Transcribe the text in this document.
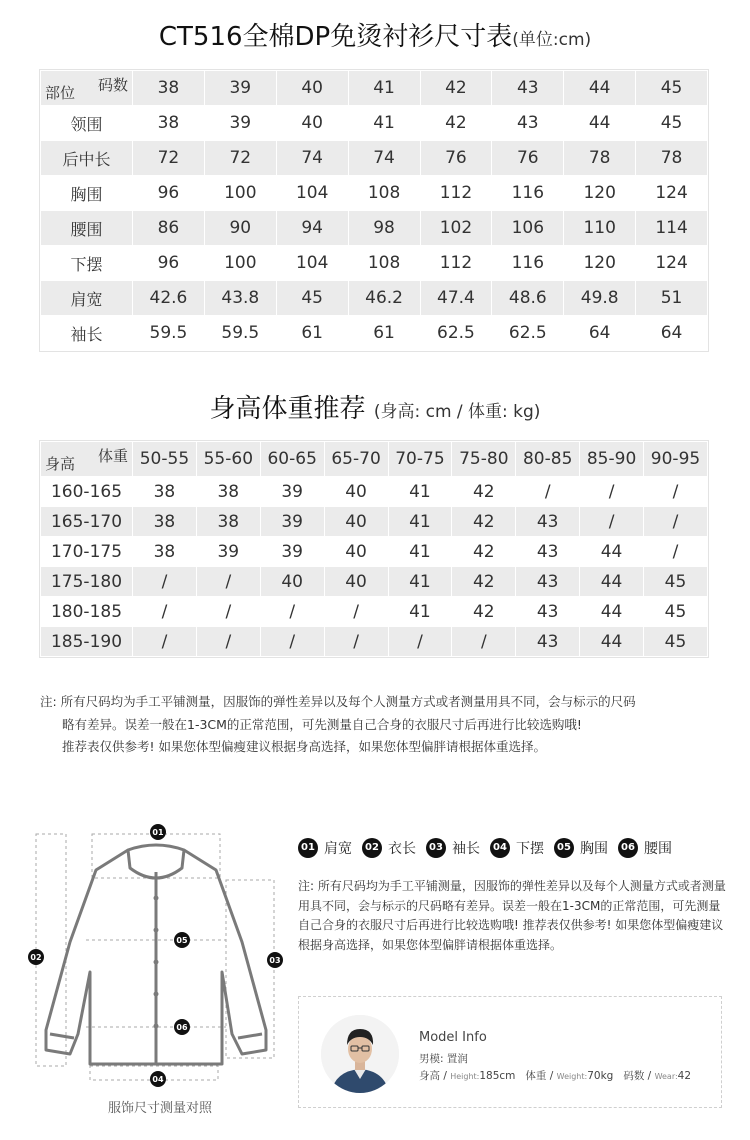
CT516全棉DP免烫衬衫尺寸表(单位:cm)
码数
部位	38	39	40	41	42	43	44	45
领围	38	39	40	41	42	43	44	45
后中长	72	72	74	74	76	76	78	78
胸围	96	100	104	108	112	116	120	124
腰围	86	90	94	98	102	106	110	114
下摆	96	100	104	108	112	116	120	124
肩宽	42.6	43.8	45	46.2	47.4	48.6	49.8	51
袖长	59.5	59.5	61	61	62.5	62.5	64	64
身高体重推荐 (身高: cm / 体重: kg)
体重
身高	50-55	55-60	60-65	65-70	70-75	75-80	80-85	85-90	90-95
160-165	38	38	39	40	41	42	/	/	/
165-170	38	38	39	40	41	42	43	/	/
170-175	38	39	39	40	41	42	43	44	/
175-180	/	/	40	40	41	42	43	44	45
180-185	/	/	/	/	41	42	43	44	45
185-190	/	/	/	/	/	/	43	44	45

注: 所有尺码均为手工平铺测量，因服饰的弹性差异以及每个人测量方式或者测量用具不同，会与标示的尺码

略有差异。误差一般在1-3CM的正常范围，可先测量自己合身的衣服尺寸后再进行比较选购哦!

推荐表仅供参考! 如果您体型偏瘦建议根据身高选择，如果您体型偏胖请根据体重选择。

01
02	03
04
05
06
服饰尺寸测量对照
01 肩宽	02 衣长	03 袖长	04 下摆	05 胸围	06 腰围
注: 所有尺码均为手工平铺测量，因服饰的弹性差异以及每个人测量方式或者测量用具不同，会与标示的尺码略有差异。误差一般在1-3CM的正常范围，可先测量自己合身的衣服尺寸后再进行比较选购哦! 推荐表仅供参考! 如果您体型偏瘦建议根据身高选择，如果您体型偏胖请根据体重选择。
Model Info
男模: 置润
身高 / Height:185cm 体重 / Weight:70kg 码数 / Wear:42
